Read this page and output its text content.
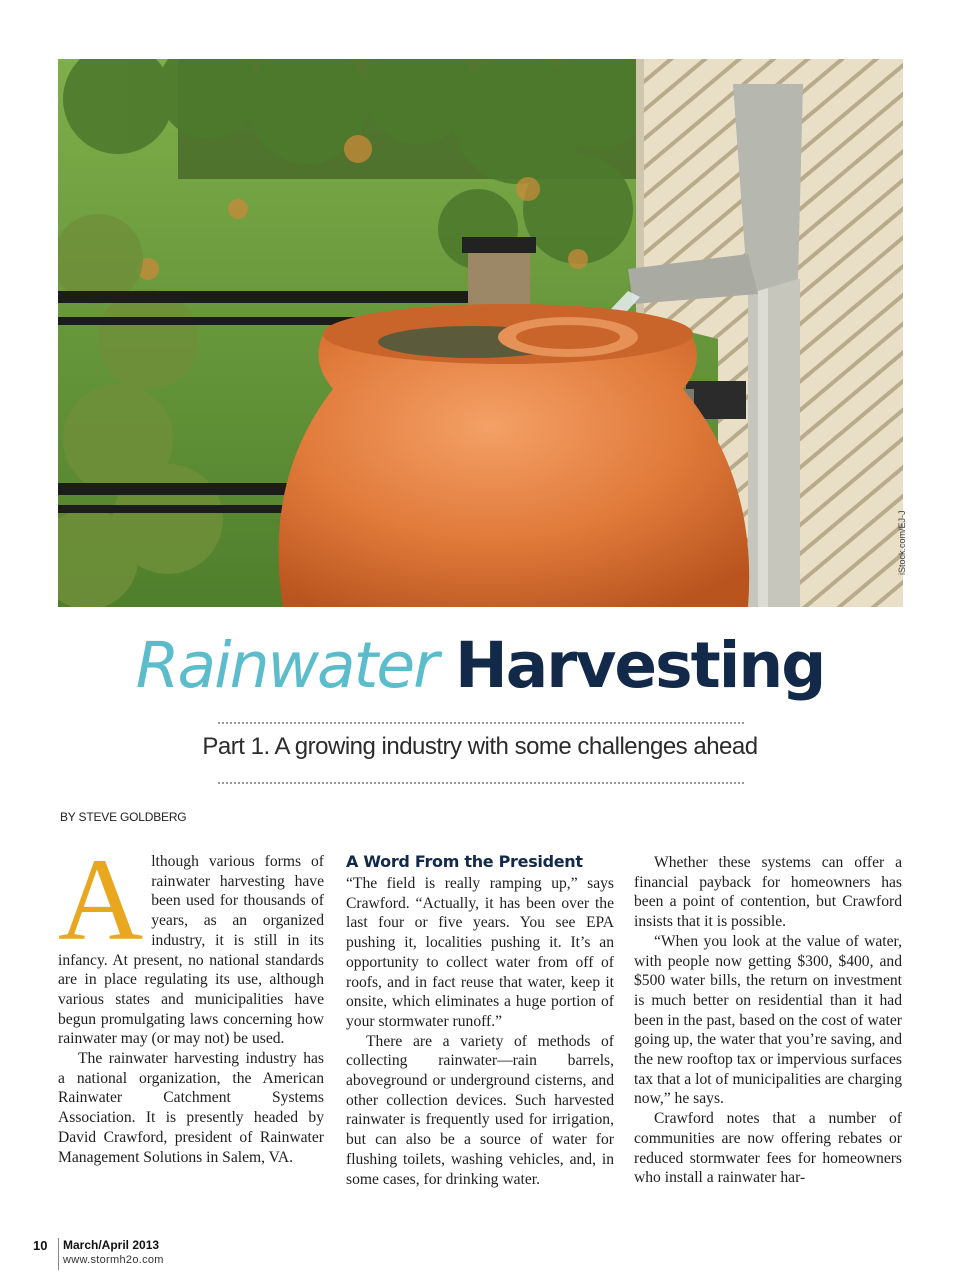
iStock.com/EJ-J
Rainwater Harvesting
Part 1. A growing industry with some challenges ahead
BY STEVE GOLDBERG

Although various forms of rainwater harvesting have been used for thousands of years, as an organized industry, it is still in its infancy. At present, no national standards are in place regulating its use, although various states and municipalities have begun promulgating laws concerning how rainwater may (or may not) be used.

The rainwater harvesting industry has a national organization, the American Rainwater Catchment Systems Association. It is presently headed by David Crawford, president of Rainwater Management Solutions in Salem, VA.

A Word From the President

“The field is really ramping up,” says Crawford. “Actually, it has been over the last four or five years. You see EPA pushing it, localities pushing it. It’s an opportunity to collect water from off of roofs, and in fact reuse that water, keep it onsite, which eliminates a huge portion of your stormwater runoff.”

There are a variety of methods of collecting rainwater—rain barrels, aboveground or underground cisterns, and other collection devices. Such harvested rainwater is frequently used for irrigation, but can also be a source of water for flushing toilets, washing vehicles, and, in some cases, for drinking water.

Whether these systems can offer a financial payback for homeowners has been a point of contention, but Crawford insists that it is possible.

“When you look at the value of water, with people now getting $300, $400, and $500 water bills, the return on investment is much better on residential than it had been in the past, based on the cost of water going up, the water that you’re saving, and the new rooftop tax or impervious surfaces tax that a lot of municipalities are charging now,” he says.

Crawford notes that a number of communities are now offering rebates or reduced stormwater fees for homeowners who install a rainwater har-

10 March/April 2013
www.stormh2o.com
